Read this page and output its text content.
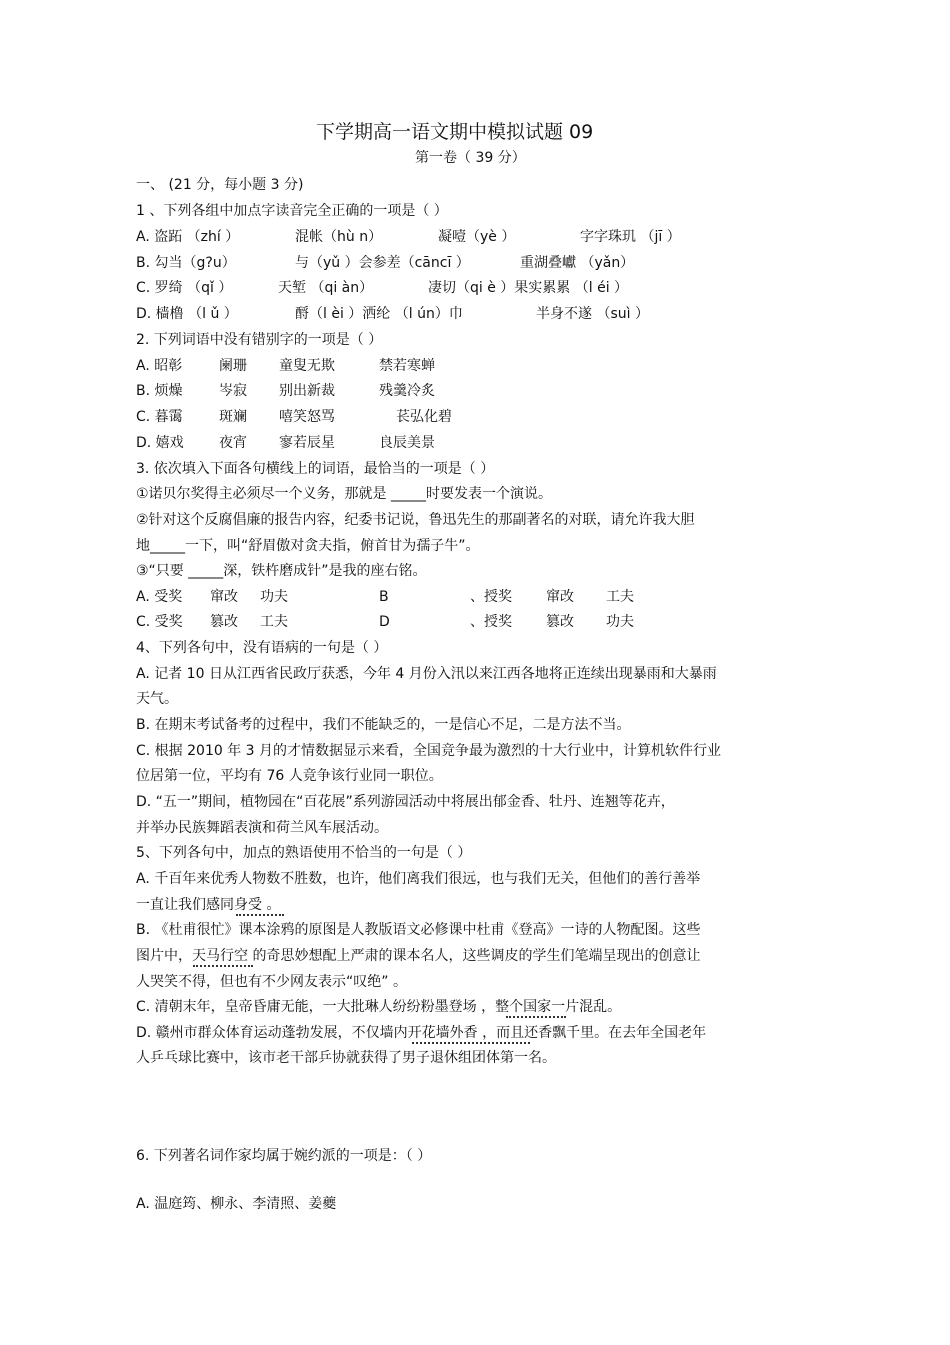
下学期高一语文期中模拟试题 09
第一卷（ 39 分）
一、 (21 分，每小题 3 分)
1 、下列各组中加点字读音完全正确的一项是（ ）
A. 盗跖 （zhí ）	混帐（hù n）	凝噎（yè ）	字字珠玑 （jī ）
B. 勾当（g?u）	与（yǔ ）会参差（cāncī ）	重湖叠巘 （yǎn）
C. 罗绮 （qǐ ）	天堑 （qi àn）	凄切（qi è ）果实累累 （l éi ）
D. 樯橹 （l ǔ ）	酹（l èi ）洒纶 （l ún）巾	半身不遂 （suì ）
2. 下列词语中没有错别字的一项是（ ）
A. 昭彰	阑珊 童叟无欺	禁若寒蝉
B. 烦燥	岑寂 别出新裁	残羹冷炙
C. 暮霭	斑斓 嘻笑怒骂	苌弘化碧
D. 嬉戏	夜宵 寥若辰星	良辰美景
3. 依次填入下面各句横线上的词语，最恰当的一项是（ ）
①诺贝尔奖得主必须尽一个义务，那就是 _____时要发表一个演说。
②针对这个反腐倡廉的报告内容，纪委书记说，鲁迅先生的那副著名的对联，请允许我大胆
地_____一下，叫“舒眉傲对贪夫指，俯首甘为孺子牛”。
③“只要 _____深，铁杵磨成针”是我的座右铭。
A. 受奖 窜改 功夫	B	、授奖 窜改 工夫
C. 受奖 篡改 工夫	D	、授奖 篡改 功夫
4、下列各句中，没有语病的一句是（ ）
A. 记者 10 日从江西省民政厅获悉，今年 4 月份入汛以来江西各地将正连续出现暴雨和大暴雨
天气。
B. 在期末考试备考的过程中，我们不能缺乏的，一是信心不足，二是方法不当。
C. 根据 2010 年 3 月的才情数据显示来看，全国竞争最为激烈的十大行业中，计算机软件行业
位居第一位，平均有 76 人竞争该行业同一职位。
D. “五一”期间，植物园在“百花展”系列游园活动中将展出郁金香、牡丹、连翘等花卉，
并举办民族舞蹈表演和荷兰风车展活动。
5、下列各句中，加点的熟语使用不恰当的一句是（ ）
A. 千百年来优秀人物数不胜数，也许，他们离我们很远，也与我们无关，但他们的善行善举
一直让我们感同身受 。
B. 《杜甫很忙》课本涂鸦的原图是人教版语文必修课中杜甫《登高》一诗的人物配图。这些
图片中，天马行空 的奇思妙想配上严肃的课本名人，这些调皮的学生们笔端呈现出的创意让
人哭笑不得，但也有不少网友表示“叹绝” 。
C. 清朝末年，皇帝昏庸无能，一大批琳人纷纷粉墨登场 ，整个国家一片混乱。
D. 赣州市群众体育运动蓬勃发展，不仅墙内开花墙外香 ，而且还香飘千里。在去年全国老年
人乒乓球比赛中，该市老干部乒协就获得了男子退休组团体第一名。
6. 下列著名词作家均属于婉约派的一项是：（ ）
A. 温庭筠、柳永、李清照、姜夔
